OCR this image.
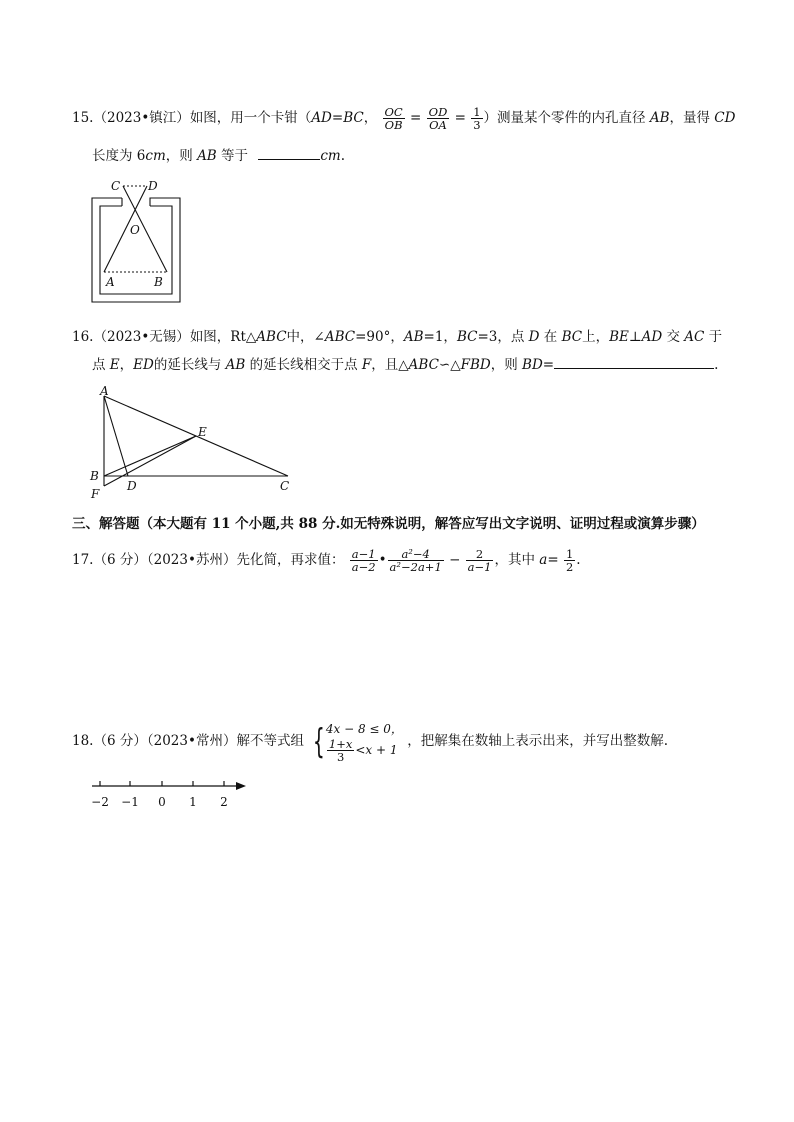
15.（2023•镇江）如图，用一个卡钳（AD=BC， $\frac{OC}{OB} = \frac{OD}{OA} = \frac{1}{3}$ ）测量某个零件的内孔直径 AB，量得 CD
长度为 6cm，则 AB 等于	cm.
C D
O
A	B
16.（2023•无锡）如图，Rt△ABC中，∠ABC=90°，AB=1，BC=3，点 D 在 BC上，BE⊥AD 交 AC 于
点 E，ED的延长线与 AB 的延长线相交于点 F，且△ABC∽△FBD，则 BD=	.
A
E
B
F
D	C
三、解答题（本大题有 11 个小题,共 88 分.如无特殊说明，解答应写出文字说明、证明过程或演算步骤）
17.（6 分）（2023•苏州）先化简，再求值： $\frac{a-1}{a-2}$ • $\frac{\text{a²−4}}{\text{a²−2a+1}} - \frac{2}{a-1}$ ，其中 $a= \frac{1}{2}$ .
18.（6 分）（2023•常州）解不等式组 { 4x − 8 ≤ 0，
$\frac{1+x}{3} <x + 1$
，把解集在数轴上表示出来，并写出整数解.
−2 −1 0 1 2
